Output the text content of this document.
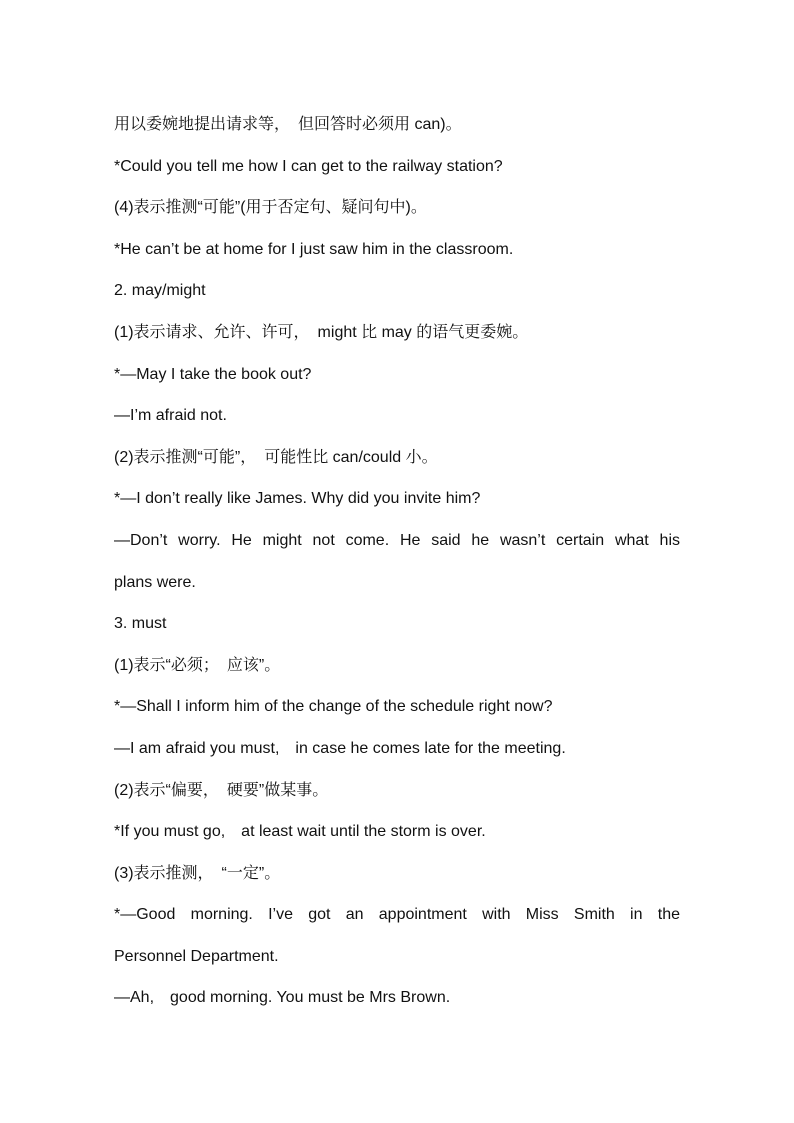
用以委婉地提出请求等，　但回答时必须用 can)。
*Could you tell me how I can get to the railway station?
(4)表示推测“可能”(用于否定句、疑问句中)。
*He can’t be at home for I just saw him in the classroom.
2. may/might
(1)表示请求、允许、许可，　might 比 may 的语气更委婉。
*—May I take the book out?
—I’m afraid not.
(2)表示推测“可能”，　可能性比 can/could 小。
*—I don’t really like James. Why did you invite him?
—Don’t worry. He might not come. He said he wasn’t certain what his
plans were.
3. must
(1)表示“必须；　应该”。
*—Shall I inform him of the change of the schedule right now?
—I am afraid you must,　in case he comes late for the meeting.
(2)表示“偏要，　硬要”做某事。
*If you must go,　at least wait until the storm is over.
(3)表示推测，　“一定”。
*—Good morning. I’ve got an appointment with Miss Smith in the
Personnel Department.
—Ah,　good morning. You must be Mrs Brown.
